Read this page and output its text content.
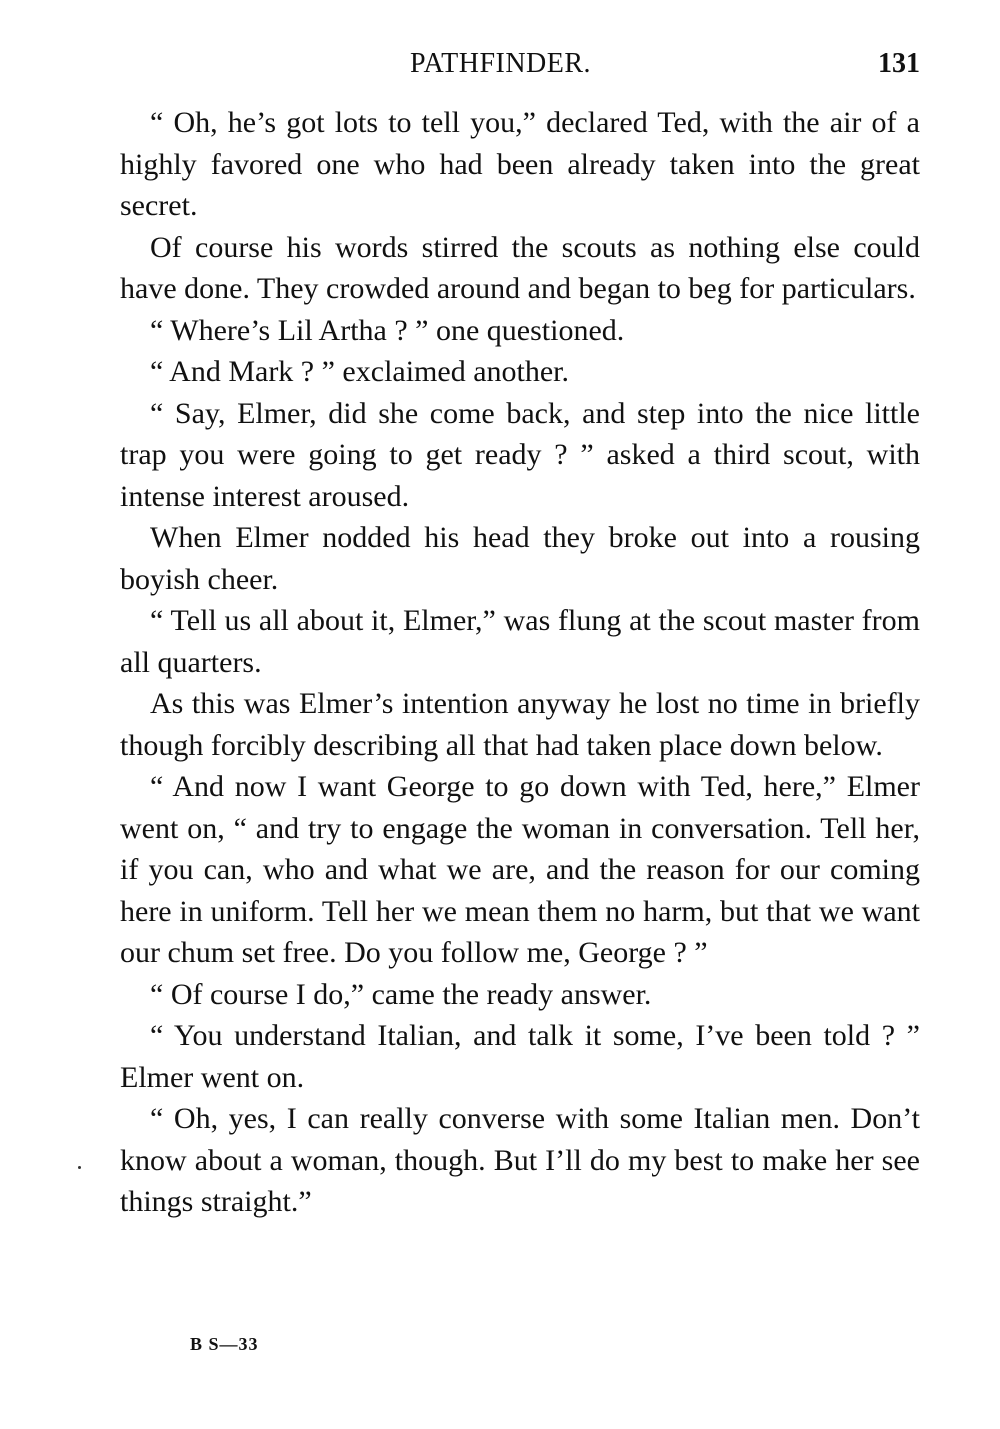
PATHFINDER.	131

“ Oh, he’s got lots to tell you,” declared Ted, with the air of a highly favored one who had been already taken into the great secret.

Of course his words stirred the scouts as nothing else could have done. They crowded around and began to beg for particulars.

“ Where’s Lil Artha ? ” one questioned.

“ And Mark ? ” exclaimed another.

“ Say, Elmer, did she come back, and step into the nice little trap you were going to get ready ? ” asked a third scout, with intense interest aroused.

When Elmer nodded his head they broke out into a rousing boyish cheer.

“ Tell us all about it, Elmer,” was flung at the scout master from all quarters.

As this was Elmer’s intention anyway he lost no time in briefly though forcibly describing all that had taken place down below.

“ And now I want George to go down with Ted, here,” Elmer went on, “ and try to engage the woman in conversation. Tell her, if you can, who and what we are, and the reason for our coming here in uniform. Tell her we mean them no harm, but that we want our chum set free. Do you follow me, George ? ”

“ Of course I do,” came the ready answer.

“ You understand Italian, and talk it some, I’ve been told ? ” Elmer went on.

“ Oh, yes, I can really converse with some Italian men. Don’t know about a woman, though. But I’ll do my best to make her see things straight.”

B S—33
